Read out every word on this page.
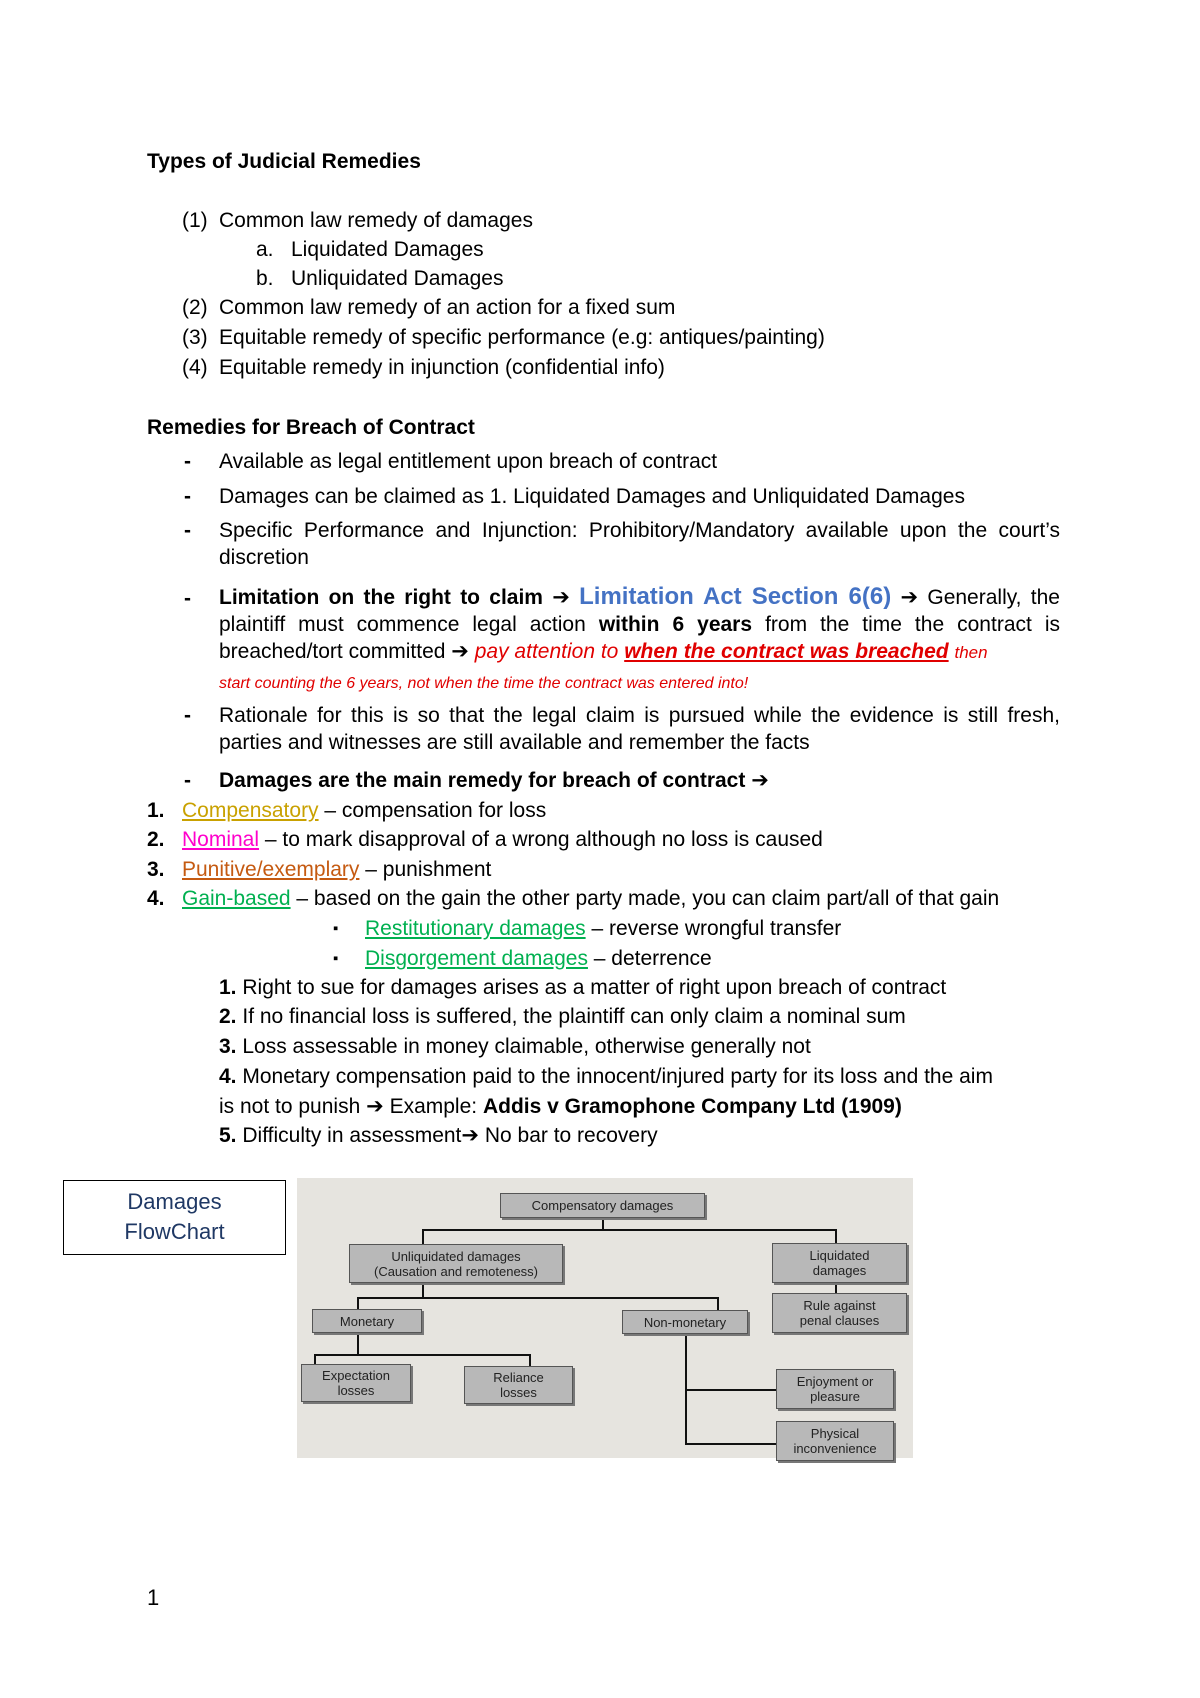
Types of Judicial Remedies
(1) Common law remedy of damages
a. Liquidated Damages
b. Unliquidated Damages
(2) Common law remedy of an action for a fixed sum
(3) Equitable remedy of specific performance (e.g: antiques/painting)
(4) Equitable remedy in injunction (confidential info)
Remedies for Breach of Contract
- Available as legal entitlement upon breach of contract
- Damages can be claimed as 1. Liquidated Damages and Unliquidated Damages
- Specific Performance and Injunction: Prohibitory/Mandatory available upon the court’s discretion
- Limitation on the right to claim ➔ Limitation Act Section 6(6) ➔ Generally, the plaintiff must commence legal action within 6 years from the time the contract is breached/tort committed ➔ pay attention to when the contract was breached then
start counting the 6 years, not when the time the contract was entered into!
- Rationale for this is so that the legal claim is pursued while the evidence is still fresh, parties and witnesses are still available and remember the facts
- Damages are the main remedy for breach of contract ➔
1. Compensatory – compensation for loss
2. Nominal – to mark disapproval of a wrong although no loss is caused
3. Punitive/exemplary – punishment
4. Gain-based – based on the gain the other party made, you can claim part/all of that gain
▪ Restitutionary damages – reverse wrongful transfer
▪ Disgorgement damages – deterrence
1. Right to sue for damages arises as a matter of right upon breach of contract
2. If no financial loss is suffered, the plaintiff can only claim a nominal sum
3. Loss assessable in money claimable, otherwise generally not
4. Monetary compensation paid to the innocent/injured party for its loss and the aim
is not to punish ➔ Example: Addis v Gramophone Company Ltd (1909)
5. Difficulty in assessment➔ No bar to recovery
Damages
FlowChart
Compensatory damages
Unliquidated damages
(Causation and remoteness)
Liquidated
damages
Rule against
penal clauses
Monetary	Non-monetary
Expectation
losses
Reliance
losses
Enjoyment or
pleasure
Physical
inconvenience
1
